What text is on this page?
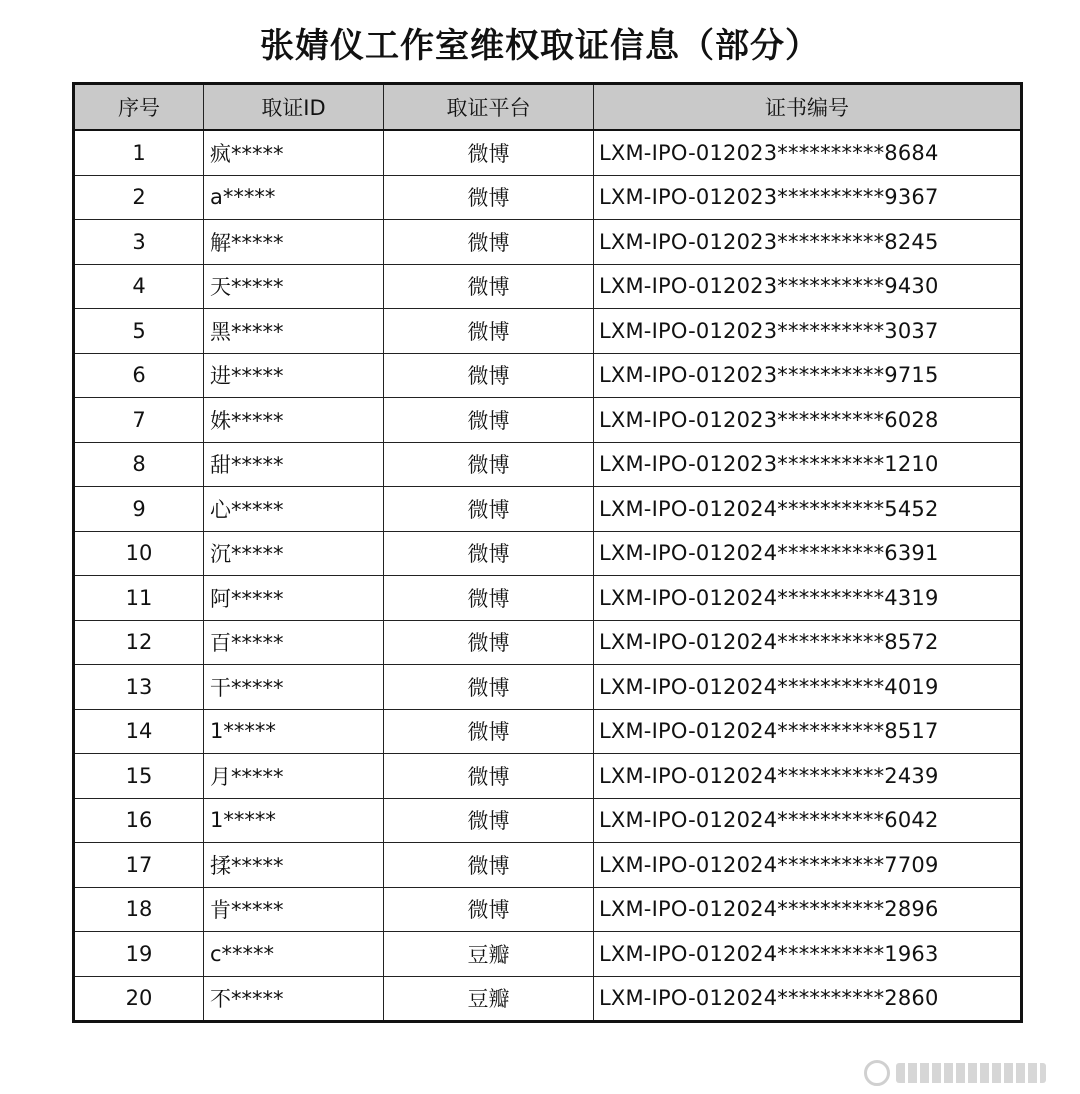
张婧仪工作室维权取证信息（部分）
序号	取证ID	取证平台	证书编号
1	疯*****	微博	LXM-IPO-012023**********8684
2	a*****	微博	LXM-IPO-012023**********9367
3	解*****	微博	LXM-IPO-012023**********8245
4	天*****	微博	LXM-IPO-012023**********9430
5	黑*****	微博	LXM-IPO-012023**********3037
6	进*****	微博	LXM-IPO-012023**********9715
7	姝*****	微博	LXM-IPO-012023**********6028
8	甜*****	微博	LXM-IPO-012023**********1210
9	心*****	微博	LXM-IPO-012024**********5452
10	沉*****	微博	LXM-IPO-012024**********6391
11	阿*****	微博	LXM-IPO-012024**********4319
12	百*****	微博	LXM-IPO-012024**********8572
13	干*****	微博	LXM-IPO-012024**********4019
14	1*****	微博	LXM-IPO-012024**********8517
15	月*****	微博	LXM-IPO-012024**********2439
16	1*****	微博	LXM-IPO-012024**********6042
17	揉*****	微博	LXM-IPO-012024**********7709
18	肯*****	微博	LXM-IPO-012024**********2896
19	c*****	豆瓣	LXM-IPO-012024**********1963
20	不*****	豆瓣	LXM-IPO-012024**********2860
